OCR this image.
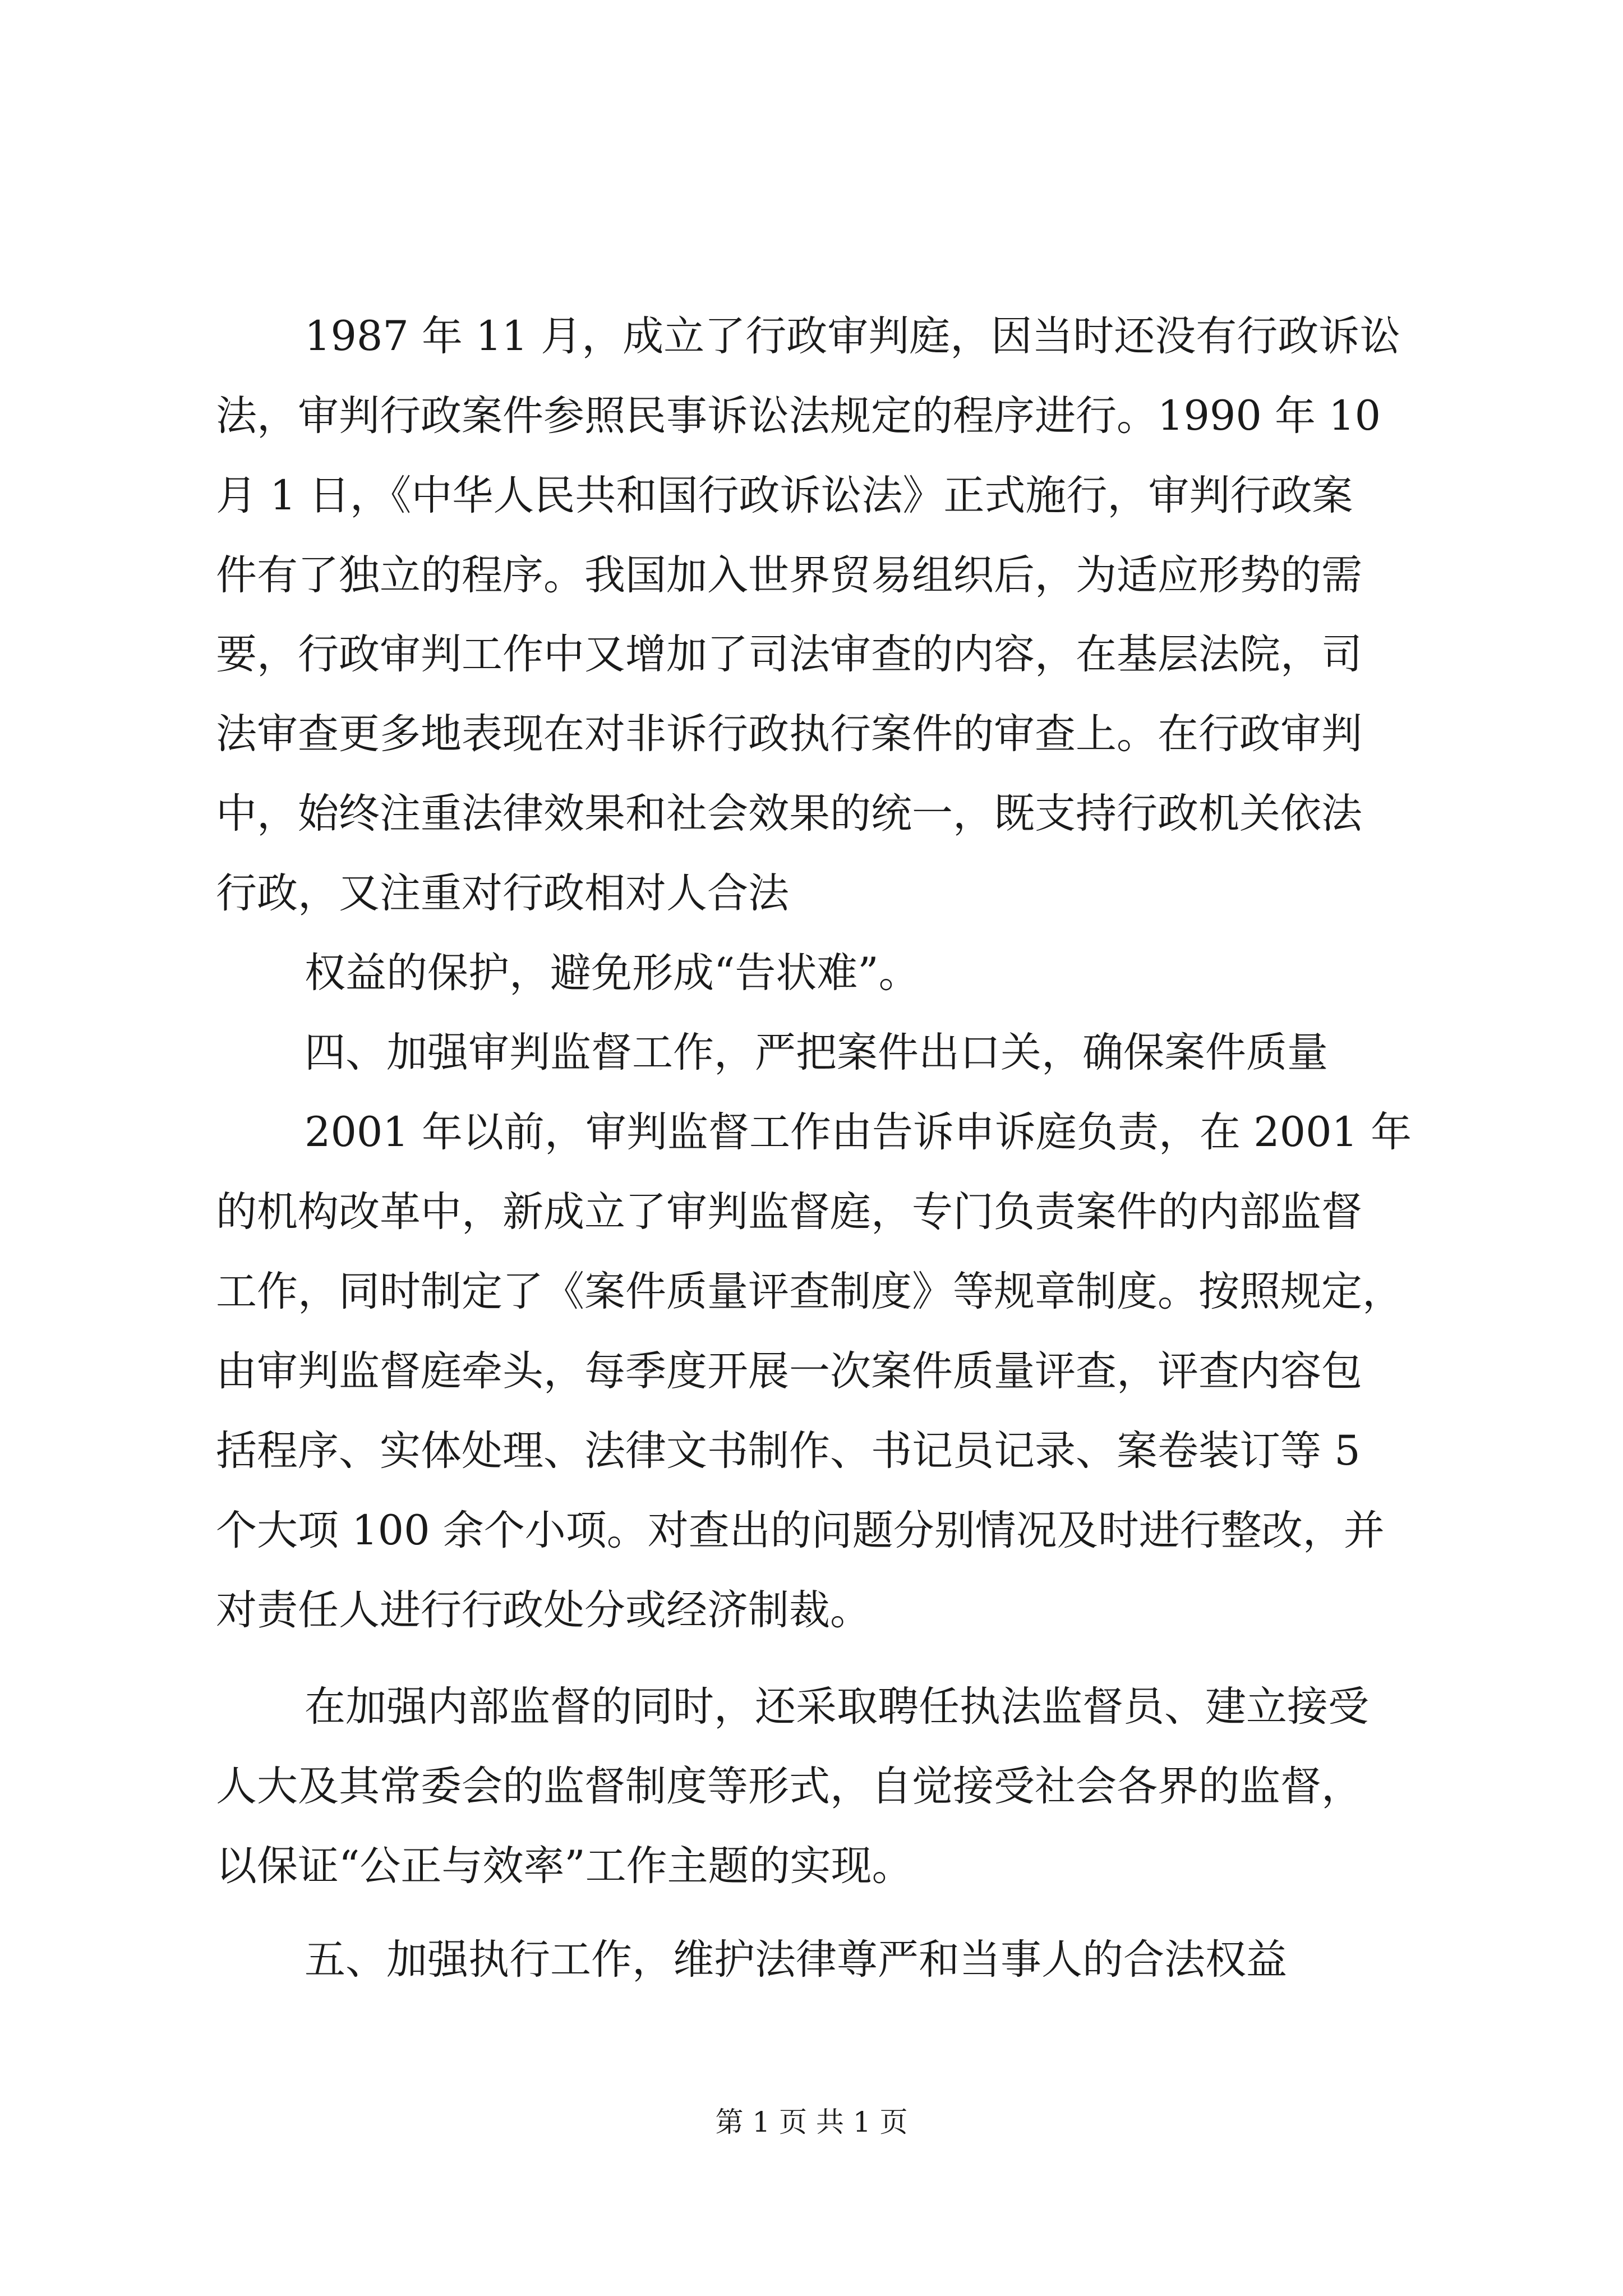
1987 年 11 月，成立了行政审判庭，因当时还没有行政诉讼

法，审判行政案件参照民事诉讼法规定的程序进行。1990 年 10

月 1 日，《中华人民共和国行政诉讼法》正式施行，审判行政案

件有了独立的程序。我国加入世界贸易组织后，为适应形势的需

要，行政审判工作中又增加了司法审查的内容，在基层法院，司

法审查更多地表现在对非诉行政执行案件的审查上。在行政审判

中，始终注重法律效果和社会效果的统一，既支持行政机关依法

行政，又注重对行政相对人合法

权益的保护，避免形成“告状难”。

四、加强审判监督工作，严把案件出口关，确保案件质量

2001 年以前，审判监督工作由告诉申诉庭负责，在 2001 年

的机构改革中，新成立了审判监督庭，专门负责案件的内部监督

工作，同时制定了《案件质量评查制度》等规章制度。按照规定，

由审判监督庭牵头，每季度开展一次案件质量评查，评查内容包

括程序、实体处理、法律文书制作、书记员记录、案卷装订等 5

个大项 100 余个小项。对查出的问题分别情况及时进行整改，并

对责任人进行行政处分或经济制裁。

在加强内部监督的同时，还采取聘任执法监督员、建立接受

人大及其常委会的监督制度等形式，自觉接受社会各界的监督，

以保证“公正与效率”工作主题的实现。

五、加强执行工作，维护法律尊严和当事人的合法权益

第 1 页 共 1 页
